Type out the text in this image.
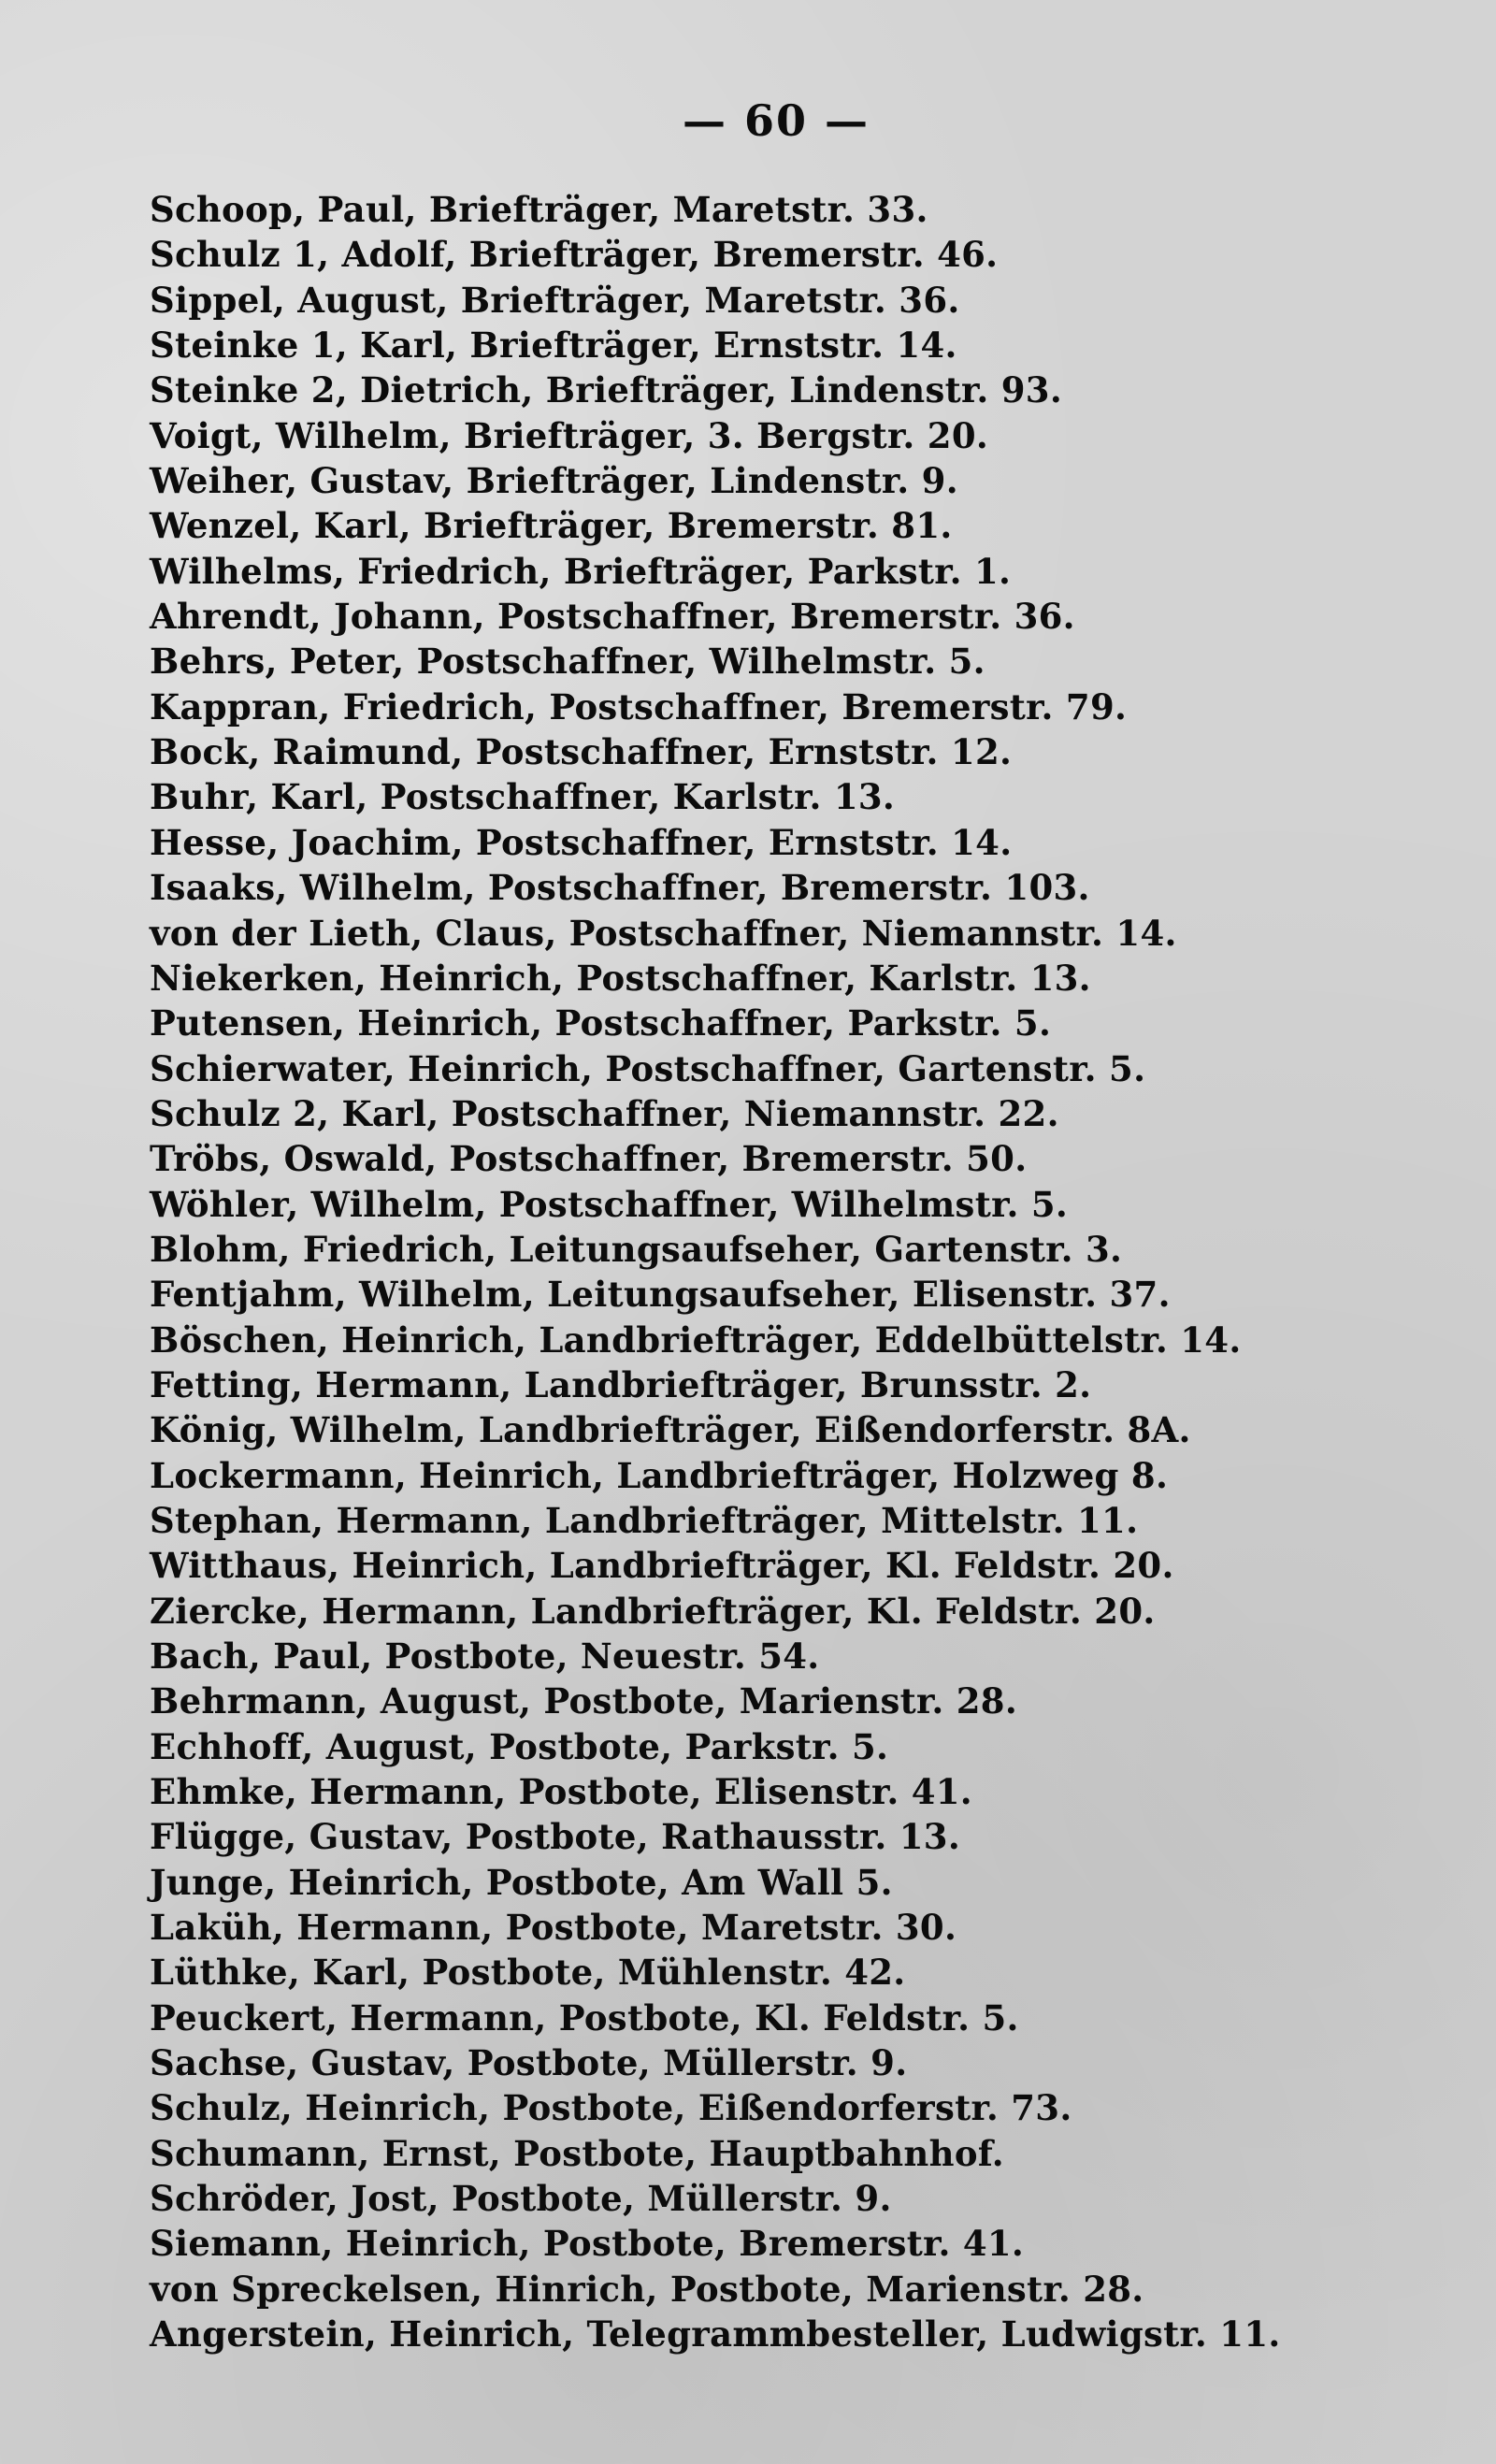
— 60 —

Schoop, Paul, Briefträger, Maretstr. 33.
Schulz 1, Adolf, Briefträger, Bremerstr. 46.
Sippel, August, Briefträger, Maretstr. 36.
Steinke 1, Karl, Briefträger, Ernststr. 14.
Steinke 2, Dietrich, Briefträger, Lindenstr. 93.
Voigt, Wilhelm, Briefträger, 3. Bergstr. 20.
Weiher, Gustav, Briefträger, Lindenstr. 9.
Wenzel, Karl, Briefträger, Bremerstr. 81.
Wilhelms, Friedrich, Briefträger, Parkstr. 1.
Ahrendt, Johann, Postschaffner, Bremerstr. 36.
Behrs, Peter, Postschaffner, Wilhelmstr. 5.
Kappran, Friedrich, Postschaffner, Bremerstr. 79.
Bock, Raimund, Postschaffner, Ernststr. 12.
Buhr, Karl, Postschaffner, Karlstr. 13.
Hesse, Joachim, Postschaffner, Ernststr. 14.
Isaaks, Wilhelm, Postschaffner, Bremerstr. 103.
von der Lieth, Claus, Postschaffner, Niemannstr. 14.
Niekerken, Heinrich, Postschaffner, Karlstr. 13.
Putensen, Heinrich, Postschaffner, Parkstr. 5.
Schierwater, Heinrich, Postschaffner, Gartenstr. 5.
Schulz 2, Karl, Postschaffner, Niemannstr. 22.
Tröbs, Oswald, Postschaffner, Bremerstr. 50.
Wöhler, Wilhelm, Postschaffner, Wilhelmstr. 5.
Blohm, Friedrich, Leitungsaufseher, Gartenstr. 3.
Fentjahm, Wilhelm, Leitungsaufseher, Elisenstr. 37.
Böschen, Heinrich, Landbriefträger, Eddelbüttelstr. 14.
Fetting, Hermann, Landbriefträger, Brunsstr. 2.
König, Wilhelm, Landbriefträger, Eißendorferstr. 8A.
Lockermann, Heinrich, Landbriefträger, Holzweg 8.
Stephan, Hermann, Landbriefträger, Mittelstr. 11.
Witthaus, Heinrich, Landbriefträger, Kl. Feldstr. 20.
Ziercke, Hermann, Landbriefträger, Kl. Feldstr. 20.
Bach, Paul, Postbote, Neuestr. 54.
Behrmann, August, Postbote, Marienstr. 28.
Echhoff, August, Postbote, Parkstr. 5.
Ehmke, Hermann, Postbote, Elisenstr. 41.
Flügge, Gustav, Postbote, Rathausstr. 13.
Junge, Heinrich, Postbote, Am Wall 5.
Laküh, Hermann, Postbote, Maretstr. 30.
Lüthke, Karl, Postbote, Mühlenstr. 42.
Peuckert, Hermann, Postbote, Kl. Feldstr. 5.
Sachse, Gustav, Postbote, Müllerstr. 9.
Schulz, Heinrich, Postbote, Eißendorferstr. 73.
Schumann, Ernst, Postbote, Hauptbahnhof.
Schröder, Jost, Postbote, Müllerstr. 9.
Siemann, Heinrich, Postbote, Bremerstr. 41.
von Spreckelsen, Hinrich, Postbote, Marienstr. 28.
Angerstein, Heinrich, Telegrammbesteller, Ludwigstr. 11.
